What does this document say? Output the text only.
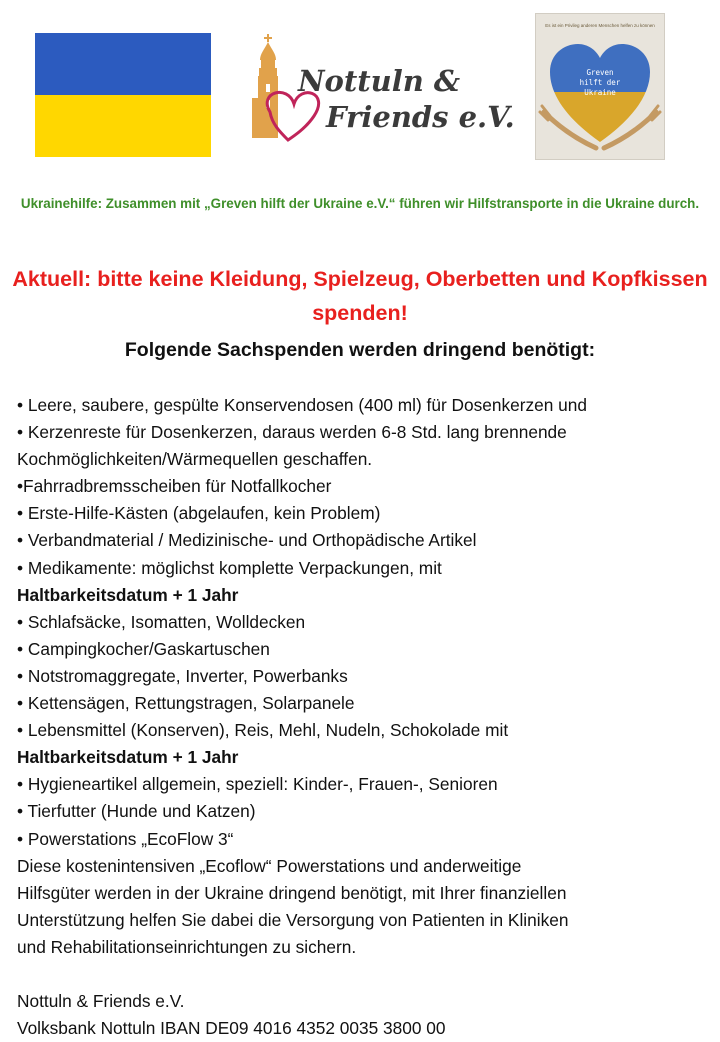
Nottuln &
Friends e.V.
Es ist ein Privileg anderen Menschen helfen zu können
Greven
hilft der
Ukraine
Ukrainehilfe: Zusammen mit „Greven hilft der Ukraine e.V.“ führen wir Hilfstransporte in die Ukraine durch.
Aktuell: bitte keine Kleidung, Spielzeug, Oberbetten und Kopfkissen spenden!
Folgende Sachspenden werden dringend benötigt:
• Leere, saubere, gespülte Konservendosen (400 ml) für Dosenkerzen und
• Kerzenreste für Dosenkerzen, daraus werden 6-8 Std. lang brennende
Kochmöglichkeiten/Wärmequellen geschaffen.
•Fahrradbremsscheiben für Notfallkocher
• Erste-Hilfe-Kästen (abgelaufen, kein Problem)
• Verbandmaterial / Medizinische- und Orthopädische Artikel
• Medikamente: möglichst komplette Verpackungen, mit
Haltbarkeitsdatum + 1 Jahr
• Schlafsäcke, Isomatten, Wolldecken
• Campingkocher/Gaskartuschen
• Notstromaggregate, Inverter, Powerbanks
• Kettensägen, Rettungstragen, Solarpanele
• Lebensmittel (Konserven), Reis, Mehl, Nudeln, Schokolade mit
Haltbarkeitsdatum + 1 Jahr
• Hygieneartikel allgemein, speziell: Kinder-, Frauen-, Senioren
• Tierfutter (Hunde und Katzen)
• Powerstations „EcoFlow 3“
Diese kostenintensiven „Ecoflow“ Powerstations und anderweitige
Hilfsgüter werden in der Ukraine dringend benötigt, mit Ihrer finanziellen
Unterstützung helfen Sie dabei die Versorgung von Patienten in Kliniken
und Rehabilitationseinrichtungen zu sichern.
Nottuln & Friends e.V.
Volksbank Nottuln IBAN DE09 4016 4352 0035 3800 00
